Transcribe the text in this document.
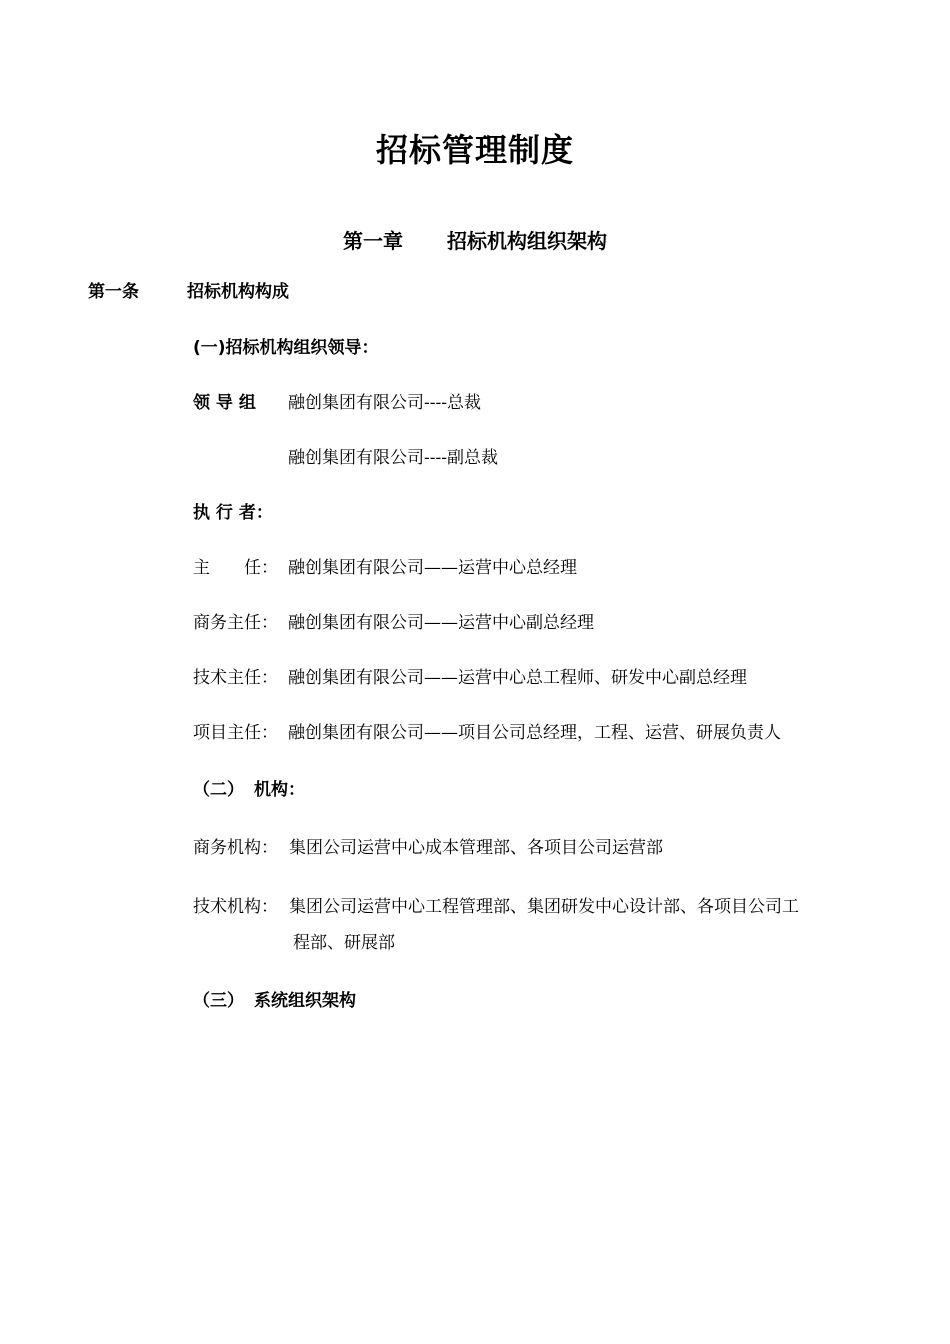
招标管理制度
第一章 招标机构组织架构
第一条	招标机构构成
(一)招标机构组织领导：
领 导 组 融创集团有限公司----总裁
融创集团有限公司----副总裁
执 行 者：
主　　任： 融创集团有限公司——运营中心总经理
商务主任： 融创集团有限公司——运营中心副总经理
技术主任： 融创集团有限公司——运营中心总工程师、研发中心副总经理
项目主任： 融创集团有限公司——项目公司总经理，工程、运营、研展负责人
（二） 机构：
商务机构： 集团公司运营中心成本管理部、各项目公司运营部
技术机构： 集团公司运营中心工程管理部、集团研发中心设计部、各项目公司工
程部、研展部
（三） 系统组织架构
